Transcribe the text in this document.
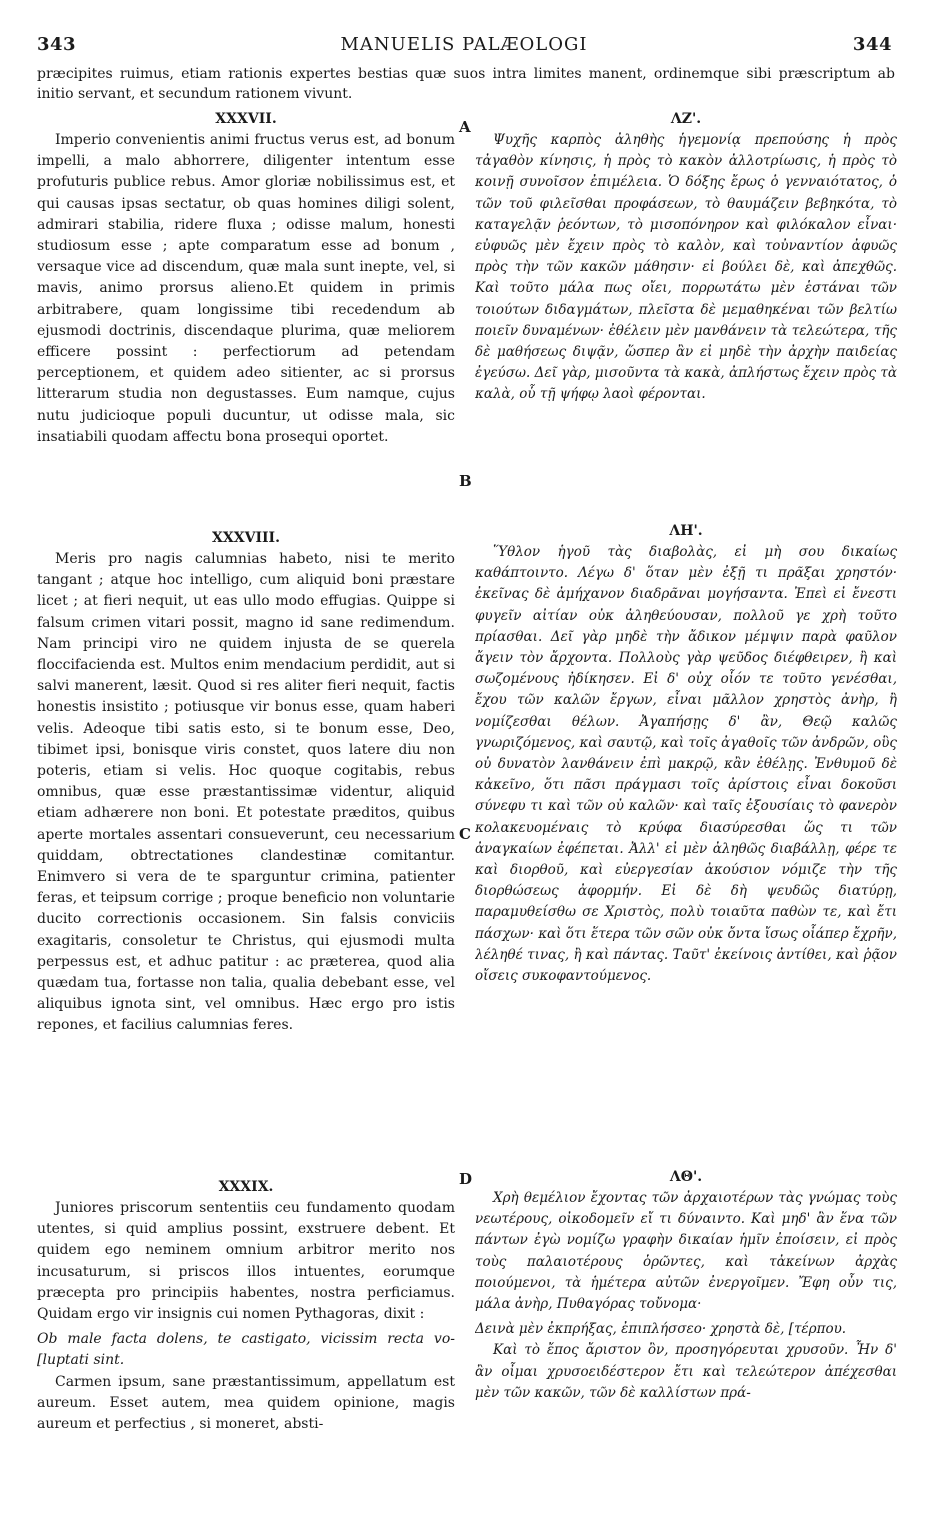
343	MANUELIS PALÆOLOGI	344
præcipites ruimus, etiam rationis expertes bestias quæ suos intra limites manent, ordinemque sibi præscriptum ab initio servant, et secundum rationem vivunt.
XXXVII.

Imperio convenientis animi fructus verus est, ad bonum impelli, a malo abhorrere, diligenter intentum esse profuturis publice rebus. Amor gloriæ nobilissimus est, et qui causas ipsas sectatur, ob quas homines diligi solent, admirari stabilia, ridere fluxa ; odisse malum, honesti studiosum esse ; apte comparatum esse ad bonum , versaque vice ad discendum, quæ mala sunt inepte, vel, si mavis, animo prorsus alieno.Et quidem in primis arbitrabere, quam longissime tibi recedendum ab ejusmodi doctrinis, discendaque plurima, quæ meliorem efficere possint : perfectiorum ad petendam perceptionem, et quidem adeo sitienter, ac si prorsus litterarum studia non degustasses. Eum namque, cujus nutu judicioque populi ducuntur, ut odisse mala, sic insatiabili quodam affectu bona prosequi oportet.

XXXVIII.

Meris pro nagis calumnias habeto, nisi te merito tangant ; atque hoc intelligo, cum aliquid boni præstare licet ; at fieri nequit, ut eas ullo modo effugias. Quippe si falsum crimen vitari possit, magno id sane redimendum. Nam principi viro ne quidem injusta de se querela floccifacienda est. Multos enim mendacium perdidit, aut si salvi manerent, læsit. Quod si res aliter fieri nequit, factis honestis insistito ; potiusque vir bonus esse, quam haberi velis. Adeoque tibi satis esto, si te bonum esse, Deo, tibimet ipsi, bonisque viris constet, quos latere diu non poteris, etiam si velis. Hoc quoque cogitabis, rebus omnibus, quæ esse præstantissimæ videntur, aliquid etiam adhærere non boni. Et potestate præditos, quibus aperte mortales assentari consueverunt, ceu necessarium quiddam, obtrectationes clandestinæ comitantur. Enimvero si vera de te sparguntur crimina, patienter feras, et teipsum corrige ; proque beneficio non voluntarie ducito correctionis occasionem. Sin falsis conviciis exagitaris, consoletur te Christus, qui ejusmodi multa perpessus est, et adhuc patitur : ac præterea, quod alia quædam tua, fortasse non talia, qualia debebant esse, vel aliquibus ignota sint, vel omnibus. Hæc ergo pro istis repones, et facilius calumnias feres.

XXXIX.

Juniores priscorum sententiis ceu fundamento quodam utentes, si quid amplius possint, exstruere debent. Et quidem ego neminem omnium arbitror merito nos incusaturum, si priscos illos intuentes, eorumque præcepta pro principiis habentes, nostra perficiamus. Quidam ergo vir insignis cui nomen Pythagoras, dixit :

Ob male facta dolens, te castigato, vicissim recta vo- [luptati sint.

Carmen ipsum, sane præstantissimum, appellatum est aureum. Esset autem, mea quidem opinione, magis aureum et perfectius , si moneret, absti-

A
B
C
D
ΛΖ'.

Ψυχῆς καρπὸς ἀληθὴς ἡγεμονίᾳ πρεπούσης ἡ πρὸς τἀγαθὸν κίνησις, ἡ πρὸς τὸ κακὸν ἀλλοτρίωσις, ἡ πρὸς τὸ κοινῇ συνοῖσον ἐπιμέλεια. Ὁ δόξης ἔρως ὁ γενναιότατος, ὁ τῶν τοῦ φιλεῖσθαι προφάσεων, τὸ θαυμάζειν βεβηκότα, τὸ καταγελᾷν ῥεόντων, τὸ μισοπόνηρον καὶ φιλόκαλον εἶναι· εὐφυῶς μὲν ἔχειν πρὸς τὸ καλὸν, καὶ τοὐναντίον ἀφυῶς πρὸς τὴν τῶν κακῶν μάθησιν· εἰ βούλει δὲ, καὶ ἀπεχθῶς. Καὶ τοῦτο μάλα πως οἴει, πορρωτάτω μὲν ἑστάναι τῶν τοιούτων διδαγμάτων, πλεῖστα δὲ μεμαθηκέναι τῶν βελτίω ποιεῖν δυναμένων· ἐθέλειν μὲν μανθάνειν τὰ τελεώτερα, τῆς δὲ μαθήσεως διψᾷν, ὥσπερ ἂν εἰ μηδὲ τὴν ἀρχὴν παιδείας ἐγεύσω. Δεῖ γὰρ, μισοῦντα τὰ κακὰ, ἀπλήστως ἔχειν πρὸς τὰ καλὰ, οὗ τῇ ψήφῳ λαοὶ φέρονται.

ΛΗ'.

Ὕθλον ἡγοῦ τὰς διαβολὰς, εἰ μὴ σου δικαίως καθάπτοιντο. Λέγω δ' ὅταν μὲν ἐξῇ τι πρᾶξαι χρηστόν· ἐκεῖνας δὲ ἀμήχανον διαδρᾶναι μογήσαντα. Ἐπεὶ εἰ ἔνεστι φυγεῖν αἰτίαν οὐκ ἀληθεύουσαν, πολλοῦ γε χρὴ τοῦτο πρίασθαι. Δεῖ γὰρ μηδὲ τὴν ἄδικον μέμψιν παρὰ φαῦλον ἄγειν τὸν ἄρχοντα. Πολλοὺς γὰρ ψεῦδος διέφθειρεν, ἢ καὶ σωζομένους ἠδίκησεν. Εἰ δ' οὐχ οἷόν τε τοῦτο γενέσθαι, ἔχου τῶν καλῶν ἔργων, εἶναι μᾶλλον χρηστὸς ἀνὴρ, ἢ νομίζεσθαι θέλων. Ἀγαπήσῃς δ' ἂν, Θεῷ καλῶς γνωριζόμενος, καὶ σαυτῷ, καὶ τοῖς ἀγαθοῖς τῶν ἀνδρῶν, οὓς οὐ δυνατὸν λανθάνειν ἐπὶ μακρῷ, κἂν ἐθέλῃς. Ἐνθυμοῦ δὲ κἀκεῖνο, ὅτι πᾶσι πράγμασι τοῖς ἀρίστοις εἶναι δοκοῦσι σύνεφυ τι καὶ τῶν οὐ καλῶν· καὶ ταῖς ἐξουσίαις τὸ φανερὸν κολακευομέναις τὸ κρύφα διασύρεσθαι ὥς τι τῶν ἀναγκαίων ἐφέπεται. Ἀλλ' εἰ μὲν ἀληθῶς διαβάλλῃ, φέρε τε καὶ διορθοῦ, καὶ εὐεργεσίαν ἀκούσιον νόμιζε τὴν τῆς διορθώσεως ἀφορμήν. Εἰ δὲ δὴ ψευδῶς διατύρῃ, παραμυθείσθω σε Χριστὸς, πολὺ τοιαῦτα παθὼν τε, καὶ ἔτι πάσχων· καὶ ὅτι ἕτερα τῶν σῶν οὐκ ὄντα ἴσως οἷάπερ ἔχρῆν, λέληθέ τινας, ἢ καὶ πάντας. Ταῦτ' ἐκείνοις ἀντίθει, καὶ ῥᾷον οἴσεις συκοφαντούμενος.

ΛΘ'.

Χρὴ θεμέλιον ἔχοντας τῶν ἀρχαιοτέρων τὰς γνώμας τοὺς νεωτέρους, οἰκοδομεῖν εἴ τι δύναιντο. Καὶ μηδ' ἂν ἕνα τῶν πάντων ἐγὼ νομίζω γραφὴν δικαίαν ἡμῖν ἐποίσειν, εἰ πρὸς τοὺς παλαιοτέρους ὁρῶντες, καὶ τἀκείνων ἀρχὰς ποιούμενοι, τὰ ἡμέτερα αὐτῶν ἐνεργοῖμεν. Ἔφη οὖν τις, μάλα ἀνὴρ, Πυθαγόρας τοὔνομα·

Δεινὰ μὲν ἐκπρήξας, ἐπιπλήσσεο· χρηστὰ δὲ, [τέρπου.

Καὶ τὸ ἔπος ἄριστον ὂν, προσηγόρευται χρυσοῦν. Ἦν δ' ἂν οἶμαι χρυσοειδέστερον ἔτι καὶ τελεώτερον ἀπέχεσθαι μὲν τῶν κακῶν, τῶν δὲ καλλίστων πρά-
